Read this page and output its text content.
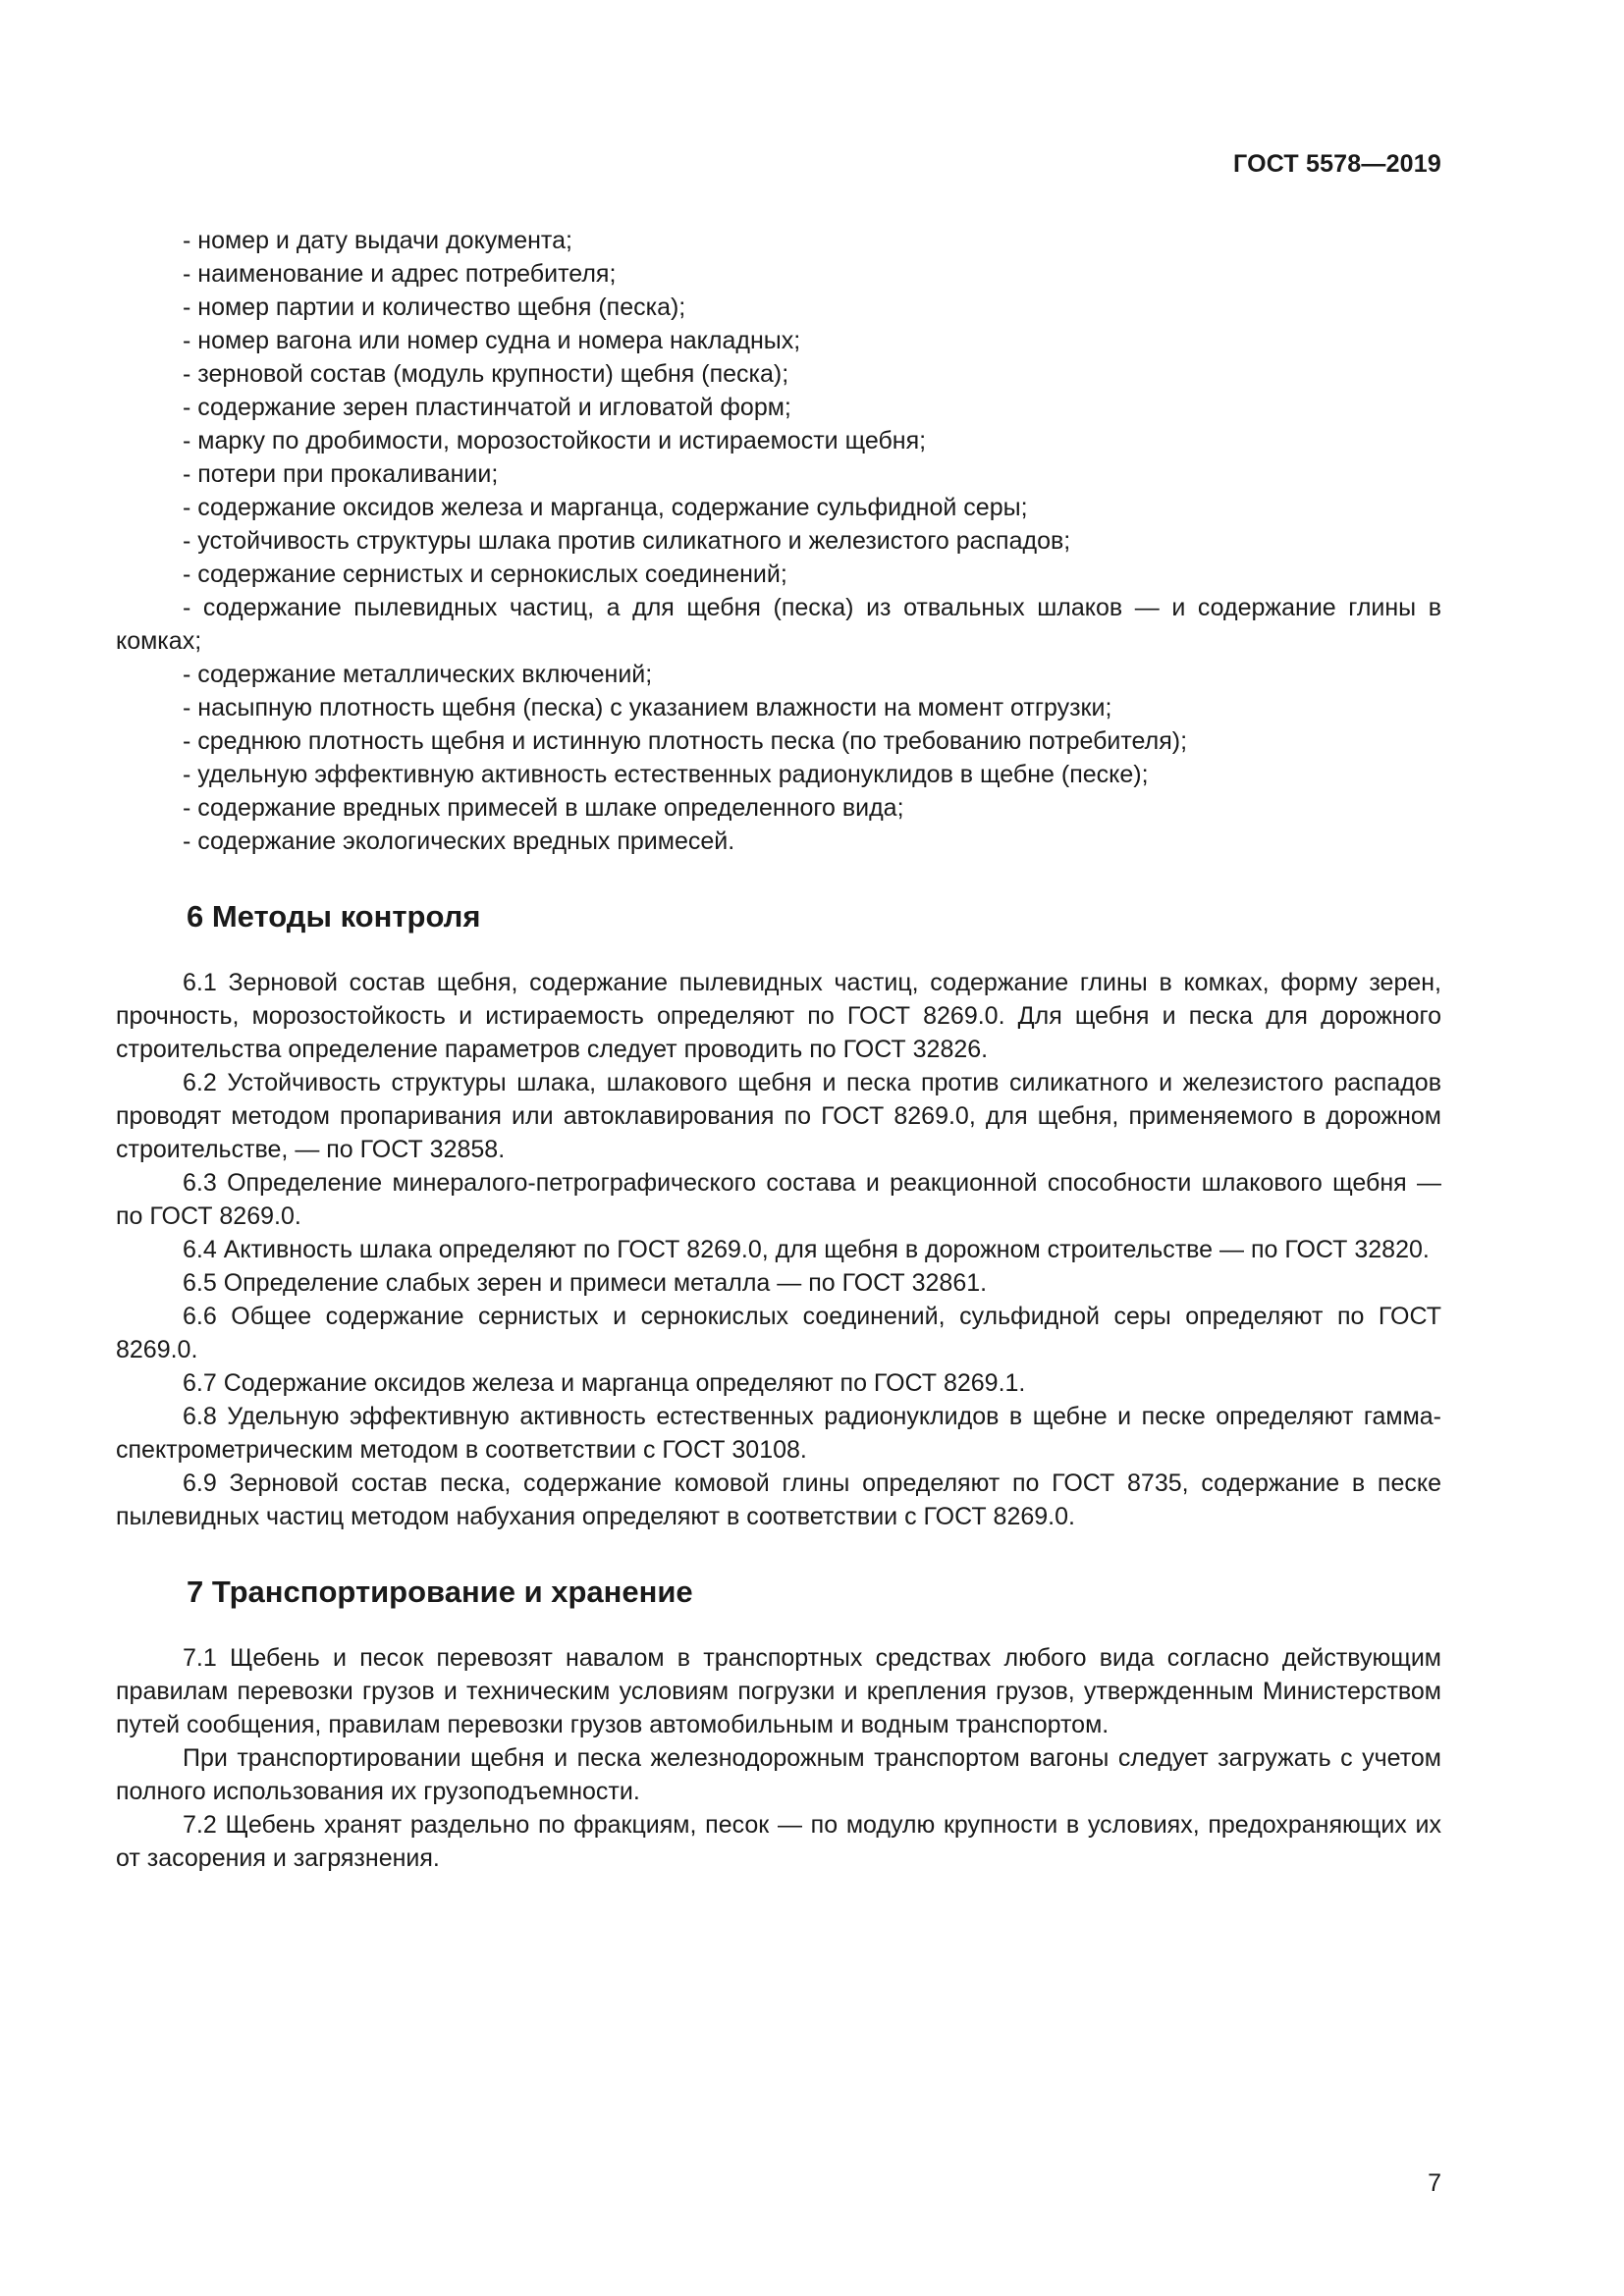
ГОСТ 5578—2019

- номер и дату выдачи документа;

- наименование и адрес потребителя;

- номер партии и количество щебня (песка);

- номер вагона или номер судна и номера накладных;

- зерновой состав (модуль крупности) щебня (песка);

- содержание зерен пластинчатой и игловатой форм;

- марку по дробимости, морозостойкости и истираемости щебня;

- потери при прокаливании;

- содержание оксидов железа и марганца, содержание сульфидной серы;

- устойчивость структуры шлака против силикатного и железистого распадов;

- содержание сернистых и сернокислых соединений;

- содержание пылевидных частиц, а для щебня (песка) из отвальных шлаков — и содержание глины в комках;

- содержание металлических включений;

- насыпную плотность щебня (песка) с указанием влажности на момент отгрузки;

- среднюю плотность щебня и истинную плотность песка (по требованию потребителя);

- удельную эффективную активность естественных радионуклидов в щебне (песке);

- содержание вредных примесей в шлаке определенного вида;

- содержание экологических вредных примесей.

6 Методы контроля

6.1 Зерновой состав щебня, содержание пылевидных частиц, содержание глины в комках, форму зерен, прочность, морозостойкость и истираемость определяют по ГОСТ 8269.0. Для щебня и песка для дорожного строительства определение параметров следует проводить по ГОСТ 32826.

6.2 Устойчивость структуры шлака, шлакового щебня и песка против силикатного и железистого распадов проводят методом пропаривания или автоклавирования по ГОСТ 8269.0, для щебня, применяемого в дорожном строительстве, — по ГОСТ 32858.

6.3 Определение минералого-петрографического состава и реакционной способности шлакового щебня — по ГОСТ 8269.0.

6.4 Активность шлака определяют по ГОСТ 8269.0, для щебня в дорожном строительстве — по ГОСТ 32820.

6.5 Определение слабых зерен и примеси металла — по ГОСТ 32861.

6.6 Общее содержание сернистых и сернокислых соединений, сульфидной серы определяют по ГОСТ 8269.0.

6.7 Содержание оксидов железа и марганца определяют по ГОСТ 8269.1.

6.8 Удельную эффективную активность естественных радионуклидов в щебне и песке определяют гамма-спектрометрическим методом в соответствии с ГОСТ 30108.

6.9 Зерновой состав песка, содержание комовой глины определяют по ГОСТ 8735, содержание в песке пылевидных частиц методом набухания определяют в соответствии с ГОСТ 8269.0.

7 Транспортирование и хранение

7.1 Щебень и песок перевозят навалом в транспортных средствах любого вида согласно действующим правилам перевозки грузов и техническим условиям погрузки и крепления грузов, утвержденным Министерством путей сообщения, правилам перевозки грузов автомобильным и водным транспортом.

При транспортировании щебня и песка железнодорожным транспортом вагоны следует загружать с учетом полного использования их грузоподъемности.

7.2 Щебень хранят раздельно по фракциям, песок — по модулю крупности в условиях, предохраняющих их от засорения и загрязнения.

7
